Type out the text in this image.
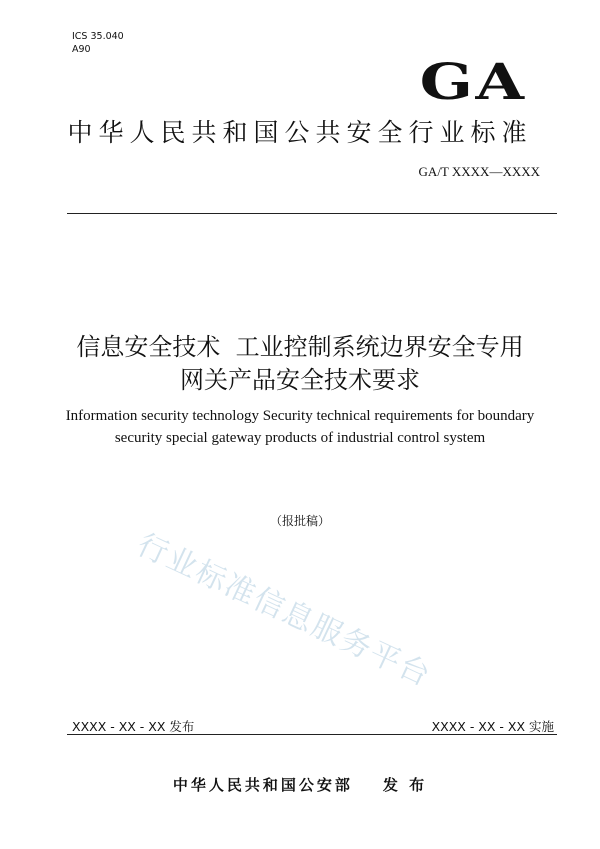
ICS 35.040
A90
GA
中华人民共和国公共安全行业标准
GA/T XXXX—XXXX
信息安全技术  工业控制系统边界安全专用
网关产品安全技术要求
Information security technology Security technical requirements for boundary
security special gateway products of industrial control system
（报批稿）
行业标准信息服务平台
XXXX - XX - XX 发布	XXXX - XX - XX 实施
中华人民共和国公安部 发 布
